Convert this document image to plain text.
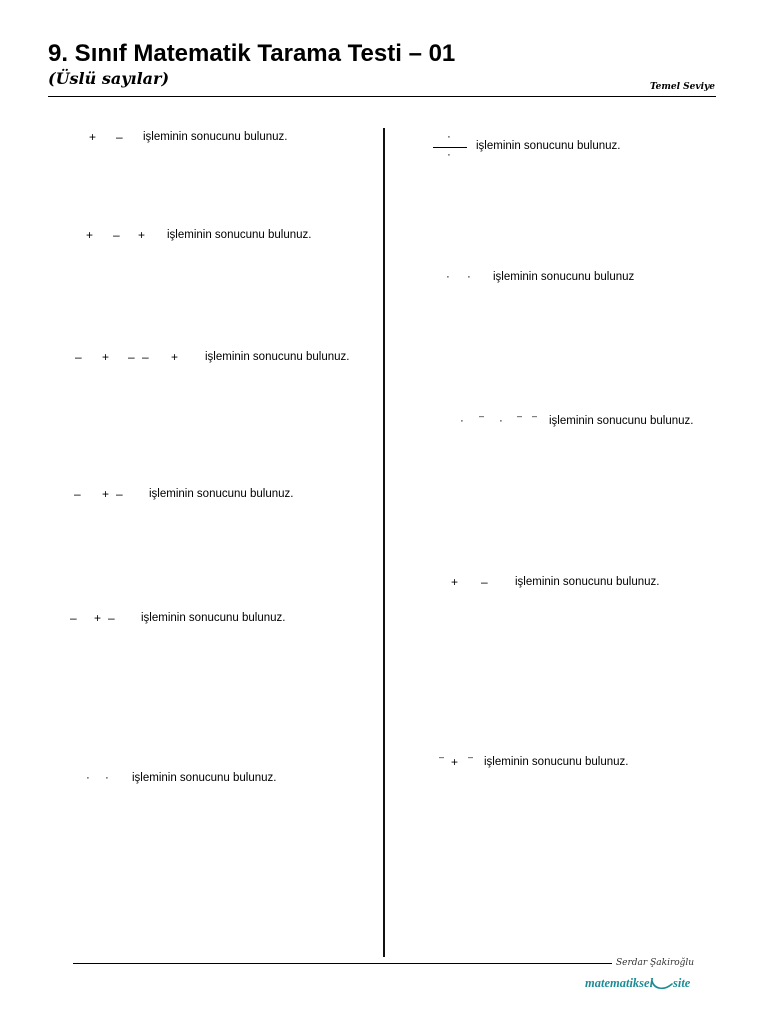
9. Sınıf Matematik Tarama Testi – 01
(Üslü sayılar)	Temel Seviye
+ – işleminin sonucunu bulunuz.
+ – + işleminin sonucunu bulunuz.
– + – – + işleminin sonucunu bulunuz.
– + – işleminin sonucunu bulunuz.
– + – işleminin sonucunu bulunuz.
· · işleminin sonucunu bulunuz.
·
·
işleminin sonucunu bulunuz.
· · işleminin sonucunu bulunuz
· – · – – işleminin sonucunu bulunuz.
+ – işleminin sonucunu bulunuz.
– + – işleminin sonucunu bulunuz.
Serdar Şakiroğlu
matematiksel site
